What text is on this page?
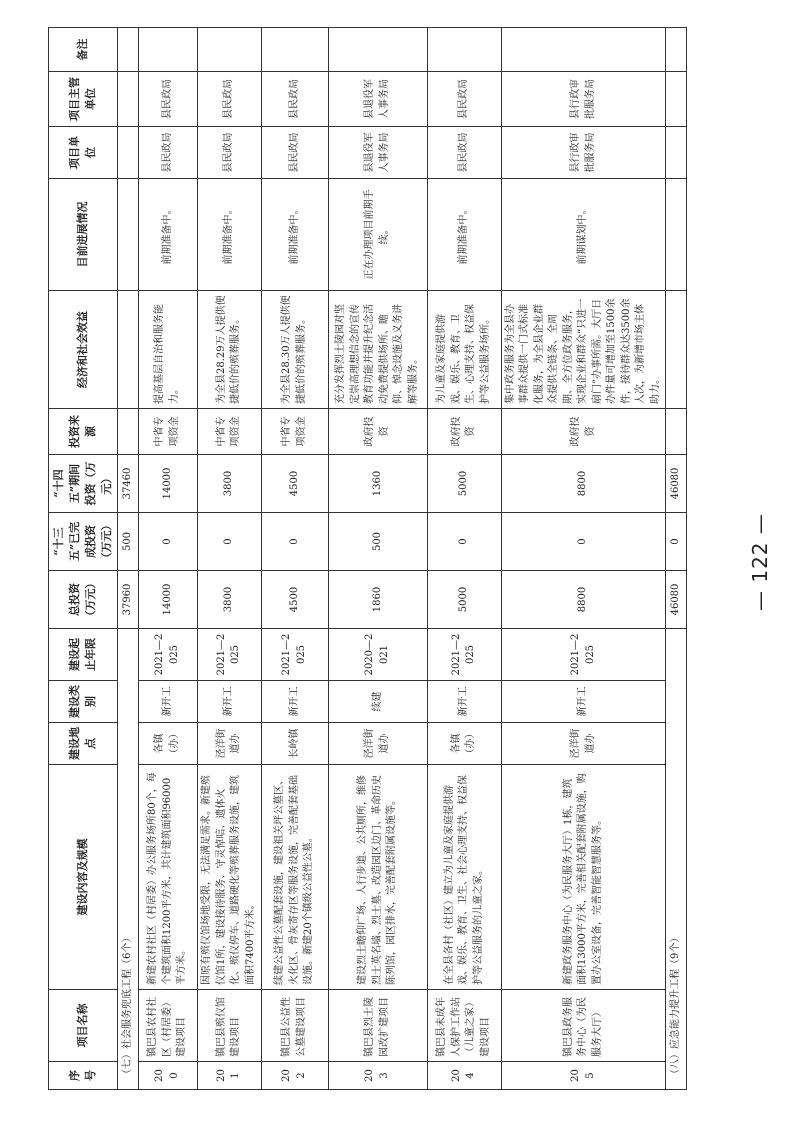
序号	项目名称	建设内容及规模	建设地点	建设类别	建设起止年限	总投资（万元）	“十三五”已完成投资（万元）	“十四五”期间投资（万元）	投资来源	经济和社会效益	目前进展情况	项目单位	项目主管单位	备注
（七）社会服务兜底工程（6个）						37960	500	37460						
200	镇巴县农村社区（村居委）建设项目	新建农村社区（村居委）办公服务场所80个，每个建筑面积1200平方米，共计建筑面积96000平方米。	各镇（办）	新开工	2021—2025	14000	0	14000	中省专项资金	提高基层自治和服务能力。	前期准备中。	县民政局	县民政局	
201	镇巴县殡仪馆建设项目	因原有殡仪馆场地受限，无法满足需求。新建殡仪馆1所，建设接待服务、守灵悼唁、遗体火化、殡仪停车、道路硬化等殡葬服务设施，建筑面积7400平方米。	泾洋街道办	新开工	2021—2025	3800	0	3800	中省专项资金	为全县28.29万人提供便捷低价的殡葬服务。	前期准备中。	县民政局	县民政局	
202	镇巴县公益性公墓建设项目	续建公益性公墓配套设施，建设祖关坪公墓区、火化区、骨灰寄存区等服务设施，完善配套基础设施。新建20个镇级公益性公墓。	长岭镇	新开工	2021—2025	4500	0	4500	中省专项资金	为全县28.30万人提供便捷低价的殡葬服务。	前期准备中。	县民政局	县民政局	
203	镇巴县烈士陵园改扩建项目	建设烈士瞻仰广场、人行步道、公共厕所，维修烈士英名墙、烈士墓、改造园区边门、革命历史陈列馆，园区排水，完善配套附属设施等。	泾洋街道办	续建	2020—2021	1860	500	1360	政府投资	充分发挥烈士陵园对坚定崇高理想信念的宣传教育功能并提升纪念活动免费提供场所、瞻仰、悼念设施及义务讲解等服务。	正在办理项目前期手续。	县退役军人事务局	县退役军人事务局	
204	镇巴县未成年人保护工作站（儿童之家）建设项目	在全县各村（社区）建立为儿童及家庭提供游戏、娱乐、教育、卫生、社会心理支持、权益保护等公益服务的儿童之家。	各镇（办）	新开工	2021—2025	5000	0	5000	政府投资	为儿童及家庭提供游戏、娱乐、教育、卫生、心理支持、权益保护等公益服务场所。	前期准备中。	县民政局	县民政局	
205	镇巴县政务服务中心（为民服务大厅）	新建政务服务中心（为民服务大厅）1栋，建筑面积13000平方米，完善相关配套附属设施，购置办公室设备，完善智能智慧服务等。	泾洋街道办	新开工	2021—2025	8800	0	8800	政府投资	集中政务服务为全县办事群众提供一门式标准化服务，为全县企业群众提供全链条、全周期、全方位政务服务，实现企业和群众“只进一扇门”办事所需。大厅日办件量可增加至1500余件，接待群众达3500余人次，为新增市场主体助力。	前期谋划中。	县行政审批服务局	县行政审批服务局	
（八）应急能力提升工程（9个）						46080	0	46080						
— 122 —
